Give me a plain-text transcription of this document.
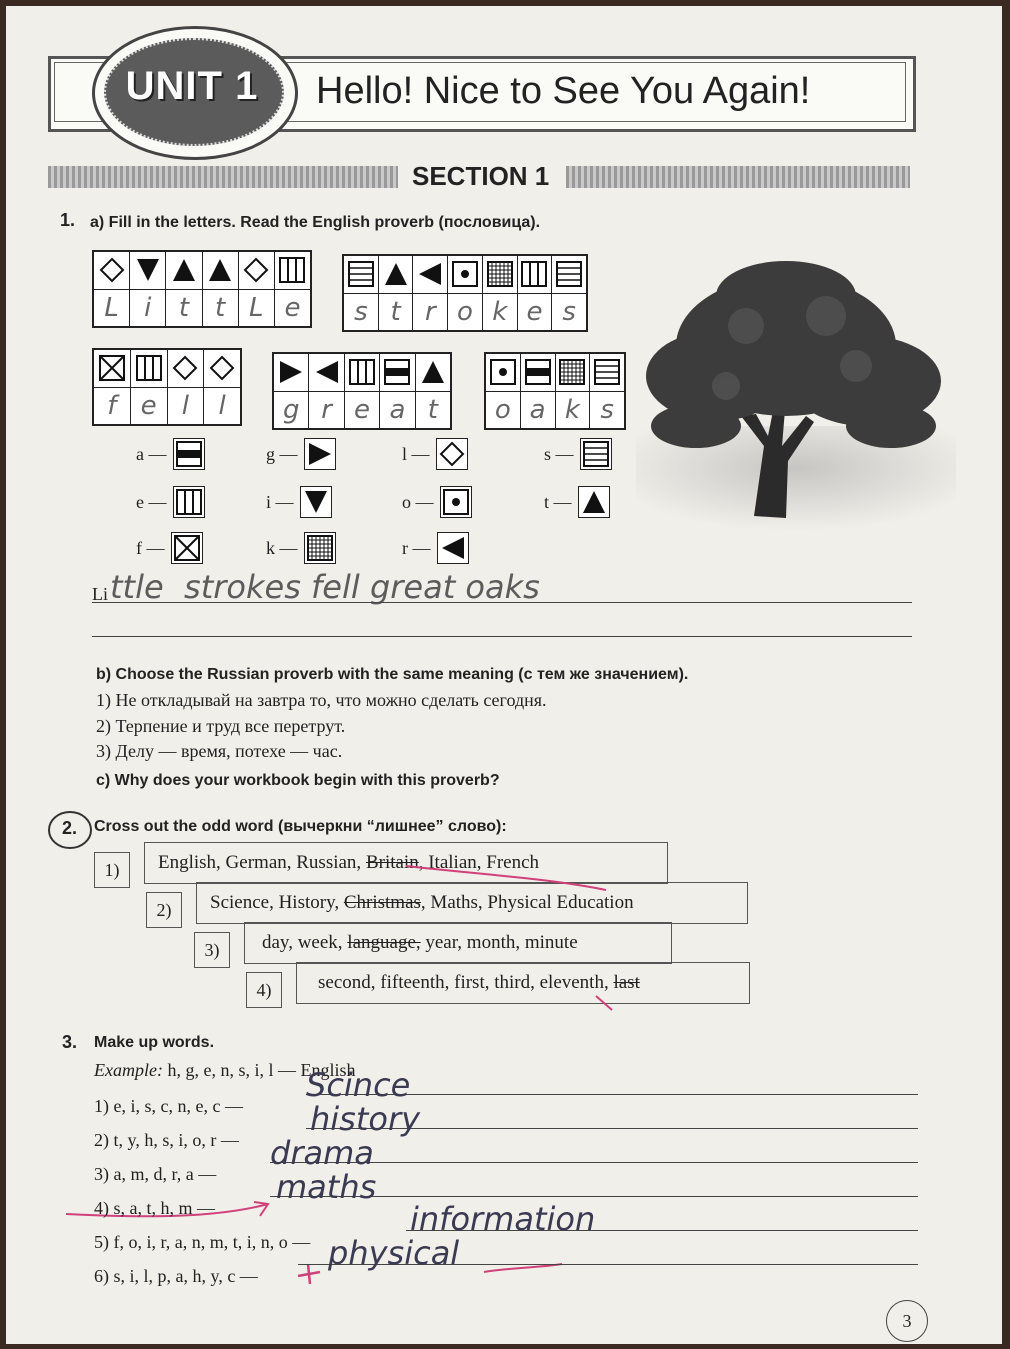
UNIT 1	Hello! Nice to See You Again!
SECTION 1
1. a) Fill in the letters. Read the English proverb (пословица).
L i	t t L e	s t r o k e s
f e l	l	g r e a t	o a k s
a —
e —
f —
g —
i —
k —
l —
o —
r —
s —
t —
Li ttle  strokes fell great oaks
b) Choose the Russian proverb with the same meaning (с тем же значением).
1) Не откладывай на завтра то, что можно сделать сегодня.
2) Терпение и труд все перетрут.
3) Делу — время, потехе — час.
c) Why does your workbook begin with this proverb?
2. Cross out the odd word (вычеркни “лишнее” слово):
1)	English, German, Russian, Britain, Italian, French
2)	Science, History, Christmas, Maths, Physical Education
3)	day, week, language, year, month, minute
4)	second, fifteenth, first, third, eleventh, last
3. Make up words.
Example: h, g, e, n, s, i, l — English
1) e, i, s, c, n, e, c —
Scince
2) t, y, h, s, i, o, r —
history
3) a, m, d, r, a —
drama
4) s, a, t, h, m —
maths
5) f, o, i, r, a, n, m, t, i, n, o —
information
6) s, i, l, p, a, h, y, c —
physical
3
